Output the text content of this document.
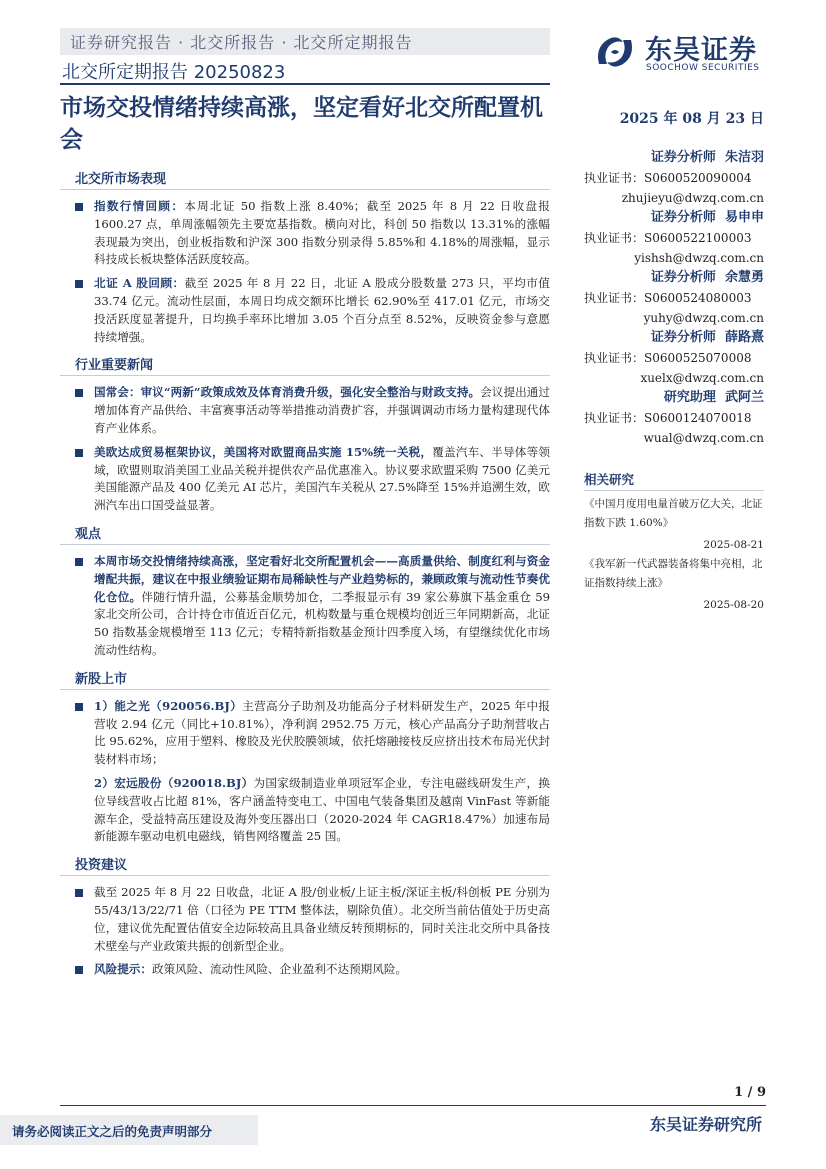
证券研究报告 · 北交所报告 · 北交所定期报告
北交所定期报告 20250823
东吴证券
SOOCHOW SECURITIES
市场交投情绪持续高涨，坚定看好北交所配置机会
2025 年 08 月 23 日
北交所市场表现
指数行情回顾：本周北证 50 指数上涨 8.40%；截至 2025 年 8 月 22 日收盘报 1600.27 点，单周涨幅领先主要宽基指数。横向对比，科创 50 指数以 13.31%的涨幅表现最为突出，创业板指数和沪深 300 指数分别录得 5.85%和 4.18%的周涨幅，显示科技成长板块整体活跃度较高。
北证 A 股回顾：截至 2025 年 8 月 22 日，北证 A 股成分股数量 273 只，平均市值 33.74 亿元。流动性层面，本周日均成交额环比增长 62.90%至 417.01 亿元，市场交投活跃度显著提升，日均换手率环比增加 3.05 个百分点至 8.52%，反映资金参与意愿持续增强。
行业重要新闻
国常会：审议“两新”政策成效及体育消费升级，强化安全整治与财政支持。会议提出通过增加体育产品供给、丰富赛事活动等举措推动消费扩容，并强调调动市场力量构建现代体育产业体系。
美欧达成贸易框架协议，美国将对欧盟商品实施 15%统一关税，覆盖汽车、半导体等领域，欧盟则取消美国工业品关税并提供农产品优惠准入。协议要求欧盟采购 7500 亿美元美国能源产品及 400 亿美元 AI 芯片，美国汽车关税从 27.5%降至 15%并追溯生效，欧洲汽车出口国受益显著。
观点
本周市场交投情绪持续高涨，坚定看好北交所配置机会——高质量供给、制度红利与资金增配共振，建议在中报业绩验证期布局稀缺性与产业趋势标的，兼顾政策与流动性节奏优化仓位。伴随行情升温，公募基金顺势加仓，二季报显示有 39 家公募旗下基金重仓 59 家北交所公司，合计持仓市值近百亿元，机构数量与重仓规模均创近三年同期新高，北证 50 指数基金规模增至 113 亿元；专精特新指数基金预计四季度入场，有望继续优化市场流动性结构。
新股上市
1）能之光（920056.BJ）主营高分子助剂及功能高分子材料研发生产，2025 年中报营收 2.94 亿元（同比+10.81%），净利润 2952.75 万元，核心产品高分子助剂营收占比 95.62%，应用于塑料、橡胶及光伏胶膜领域，依托熔融接枝反应挤出技术布局光伏封装材料市场；
2）宏远股份（920018.BJ）为国家级制造业单项冠军企业，专注电磁线研发生产，换位导线营收占比超 81%，客户涵盖特变电工、中国电气装备集团及越南 VinFast 等新能源车企，受益特高压建设及海外变压器出口（2020-2024 年 CAGR18.47%）加速布局新能源车驱动电机电磁线，销售网络覆盖 25 国。
投资建议
截至 2025 年 8 月 22 日收盘，北证 A 股/创业板/上证主板/深证主板/科创板 PE 分别为 55/43/13/22/71 倍（口径为 PE TTM 整体法，剔除负值）。北交所当前估值处于历史高位，建议优先配置估值安全边际较高且具备业绩反转预期标的，同时关注北交所中具备技术壁垒与产业政策共振的创新型企业。
风险提示：政策风险、流动性风险、企业盈利不达预期风险。
证券分析师 朱洁羽
执业证书：S0600520090004
zhujieyu@dwzq.com.cn
证券分析师 易申申
执业证书：S0600522100003
yishsh@dwzq.com.cn
证券分析师 余慧勇
执业证书：S0600524080003
yuhy@dwzq.com.cn
证券分析师 薛路熹
执业证书：S0600525070008
xuelx@dwzq.com.cn
研究助理 武阿兰
执业证书：S0600124070018
wual@dwzq.com.cn
相关研究
《中国月度用电量首破万亿大关，北证指数下跌 1.60%》
2025-08-21
《我军新一代武器装备将集中亮相，北证指数持续上涨》
2025-08-20
1 / 9
请务必阅读正文之后的免责声明部分	东吴证券研究所
